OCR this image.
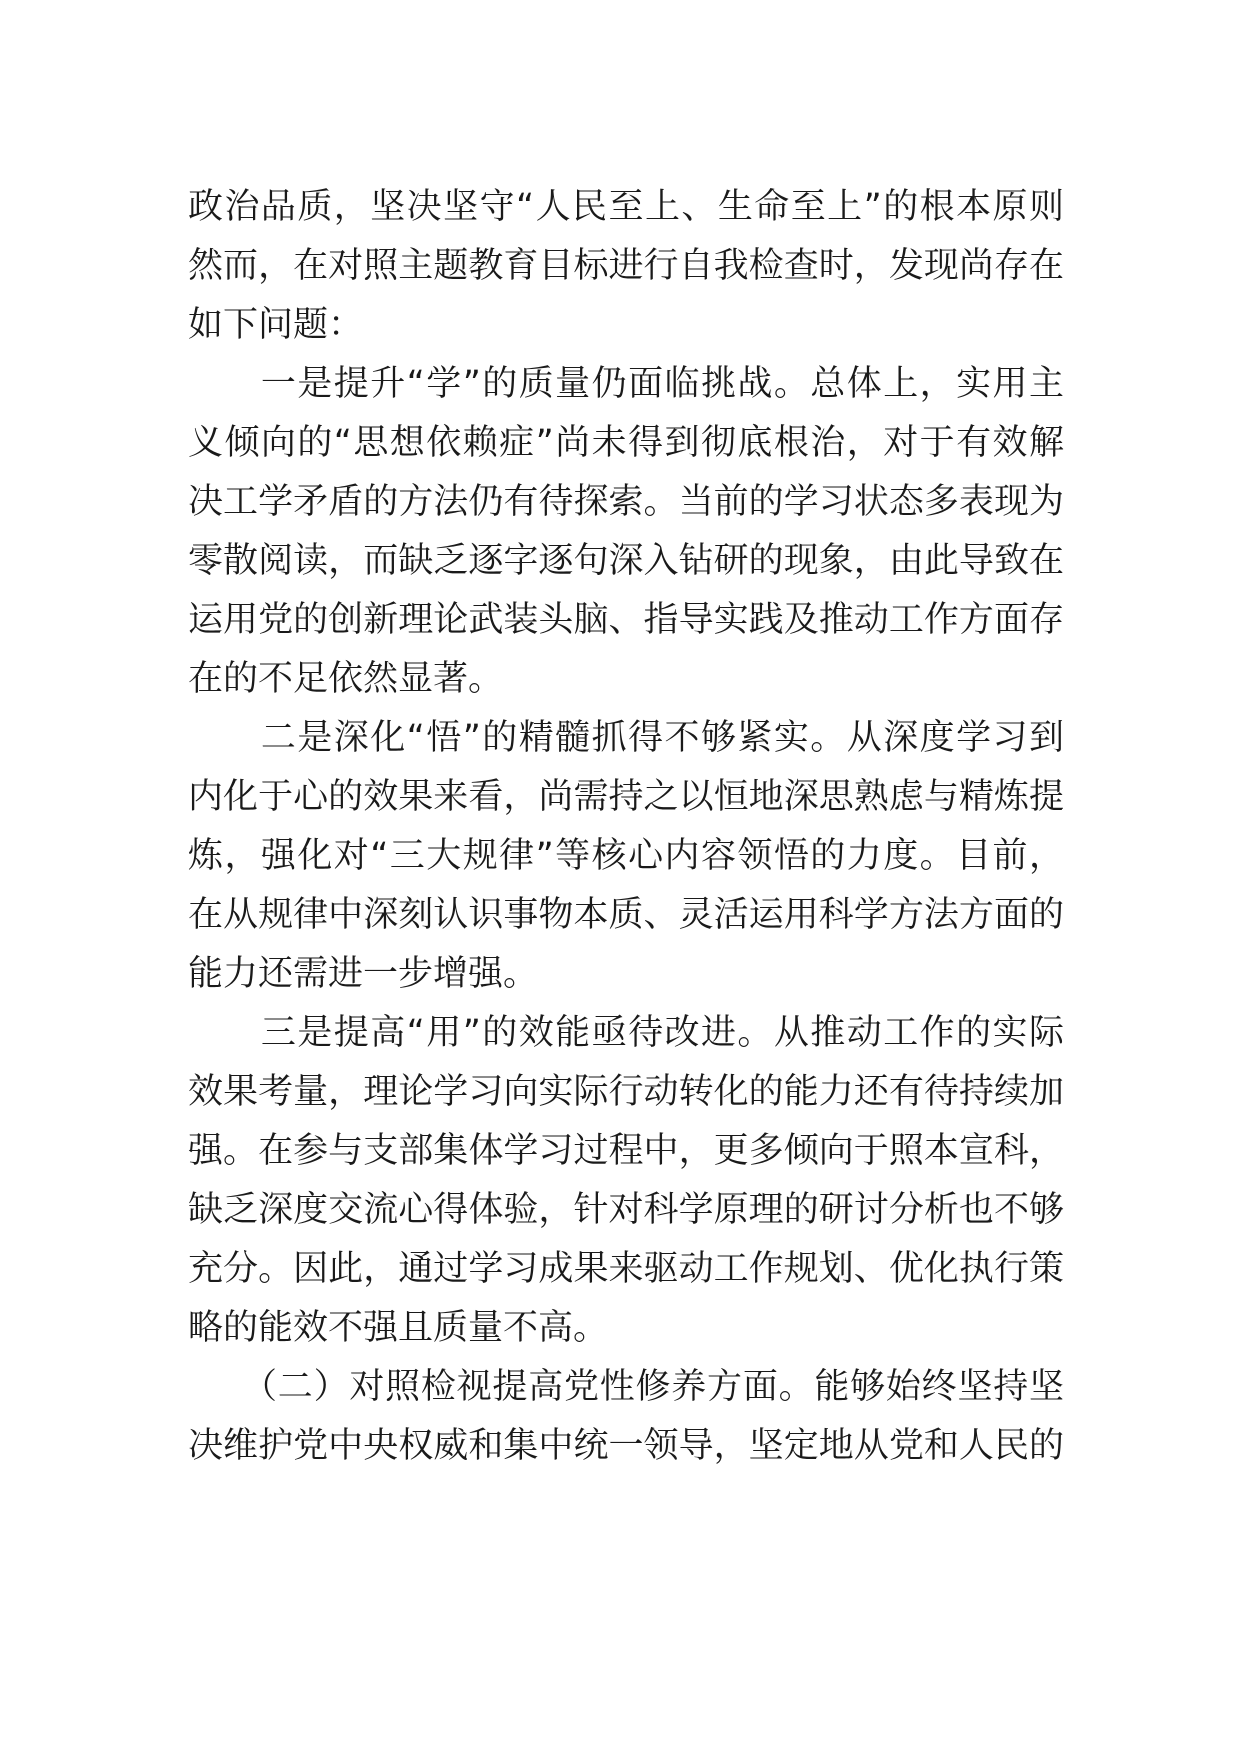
政治品质，坚决坚守“人民至上、生命至上”的根本原则
然而，在对照主题教育目标进行自我检查时，发现尚存在
如下问题：
　　一是提升“学”的质量仍面临挑战。总体上，实用主
义倾向的“思想依赖症”尚未得到彻底根治，对于有效解
决工学矛盾的方法仍有待探索。当前的学习状态多表现为
零散阅读，而缺乏逐字逐句深入钻研的现象，由此导致在
运用党的创新理论武装头脑、指导实践及推动工作方面存
在的不足依然显著。
　　二是深化“悟”的精髓抓得不够紧实。从深度学习到
内化于心的效果来看，尚需持之以恒地深思熟虑与精炼提
炼，强化对“三大规律”等核心内容领悟的力度。目前，
在从规律中深刻认识事物本质、灵活运用科学方法方面的
能力还需进一步增强。
　　三是提高“用”的效能亟待改进。从推动工作的实际
效果考量，理论学习向实际行动转化的能力还有待持续加
强。在参与支部集体学习过程中，更多倾向于照本宣科，
缺乏深度交流心得体验，针对科学原理的研讨分析也不够
充分。因此，通过学习成果来驱动工作规划、优化执行策
略的能效不强且质量不高。
　　（二）对照检视提高党性修养方面。能够始终坚持坚
决维护党中央权威和集中统一领导，坚定地从党和人民的
